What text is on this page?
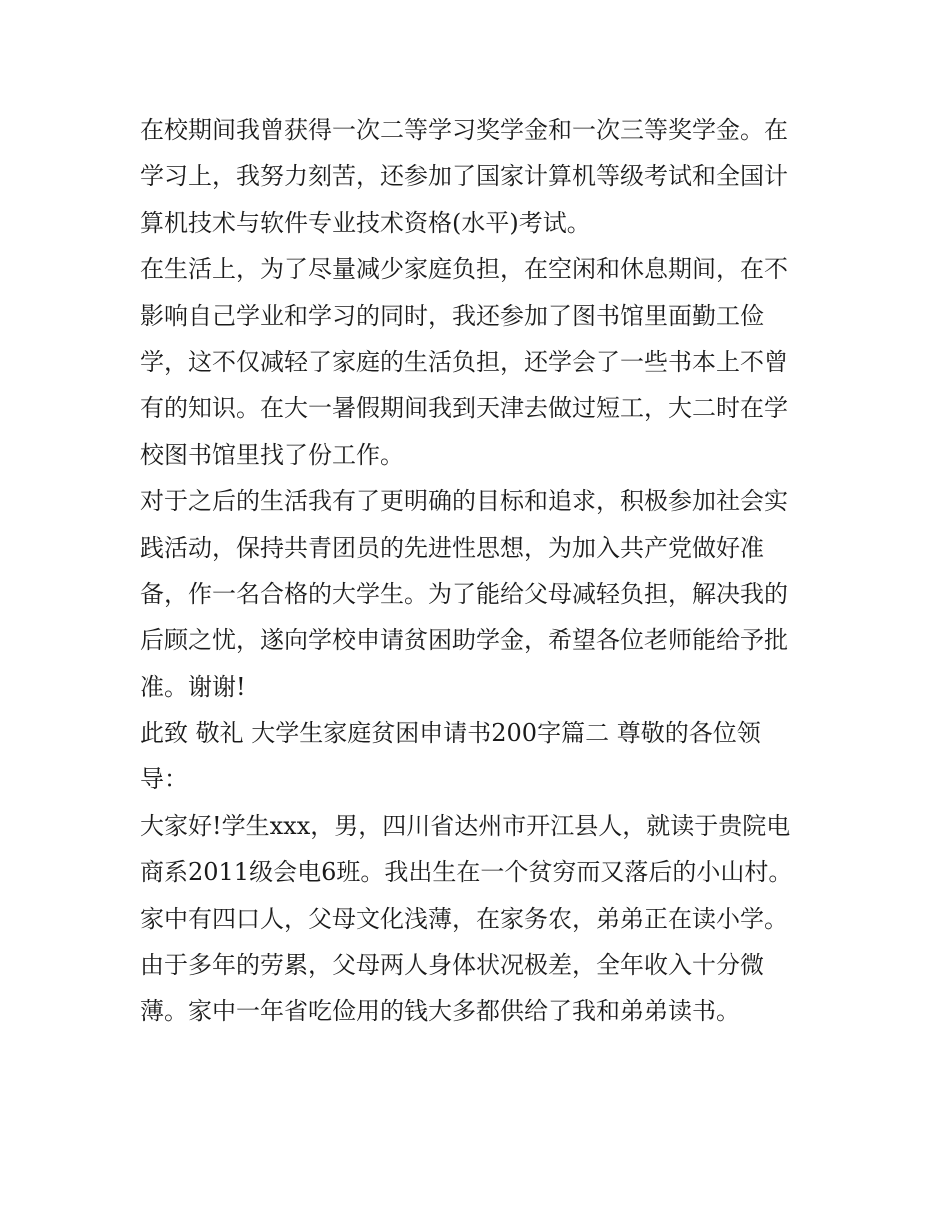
在校期间我曾获得一次二等学习奖学金和一次三等奖学金。在
学习上，我努力刻苦，还参加了国家计算机等级考试和全国计
算机技术与软件专业技术资格(水平)考试。
在生活上，为了尽量减少家庭负担，在空闲和休息期间，在不
影响自己学业和学习的同时，我还参加了图书馆里面勤工俭
学，这不仅减轻了家庭的生活负担，还学会了一些书本上不曾
有的知识。在大一暑假期间我到天津去做过短工，大二时在学
校图书馆里找了份工作。
对于之后的生活我有了更明确的目标和追求，积极参加社会实
践活动，保持共青团员的先进性思想，为加入共产党做好准
备，作一名合格的大学生。为了能给父母减轻负担，解决我的
后顾之忧，遂向学校申请贫困助学金，希望各位老师能给予批
准。谢谢!
此致 敬礼 大学生家庭贫困申请书200字篇二 尊敬的各位领
导：
大家好!学生xxx，男，四川省达州市开江县人，就读于贵院电
商系2011级会电6班。我出生在一个贫穷而又落后的小山村。
家中有四口人，父母文化浅薄，在家务农，弟弟正在读小学。
由于多年的劳累，父母两人身体状况极差，全年收入十分微
薄。家中一年省吃俭用的钱大多都供给了我和弟弟读书。
